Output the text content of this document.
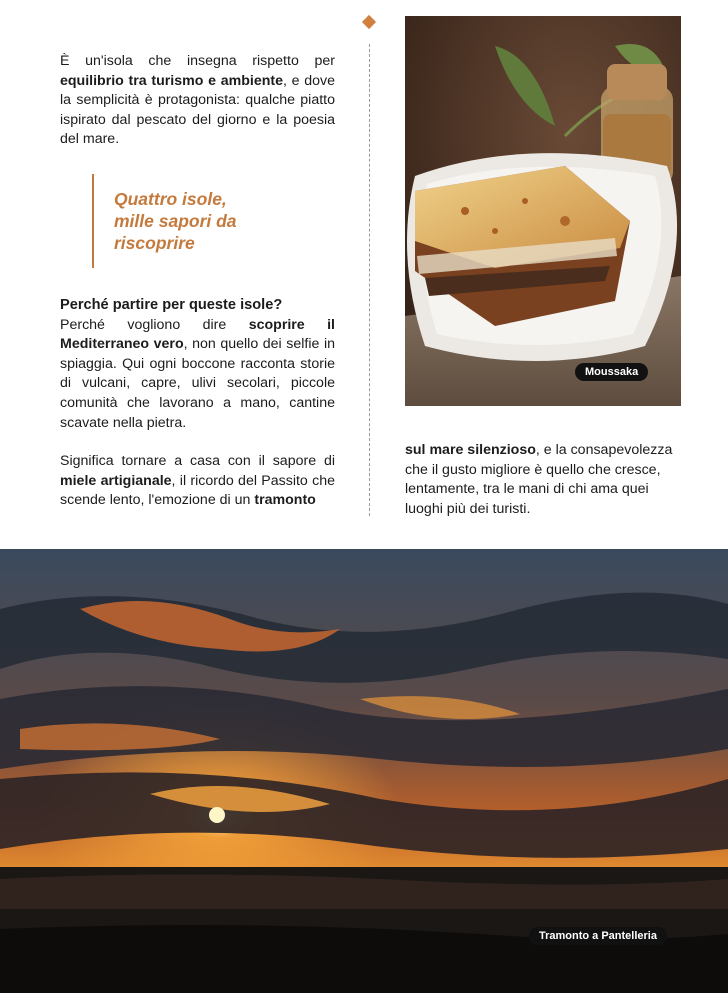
È un'isola che insegna rispetto per equilibrio tra turismo e ambiente, e dove la semplicità è protagonista: qualche piatto ispirato dal pescato del giorno e la poesia del mare.

Quattro isole,
mille sapori da
riscoprire

Perché partire per queste isole?

Perché vogliono dire scoprire il Mediterraneo vero, non quello dei selfie in spiaggia. Qui ogni boccone racconta storie di vulcani, capre, ulivi secolari, piccole comunità che lavorano a mano, cantine scavate nella pietra.

Significa tornare a casa con il sapore di miele artigianale, il ricordo del Passito che scende lento, l'emozione di un tramonto

Moussaka

sul mare silenzioso, e la consapevolezza che il gusto migliore è quello che cresce, lentamente, tra le mani di chi ama quei luoghi più dei turisti.

Tramonto a Pantelleria
